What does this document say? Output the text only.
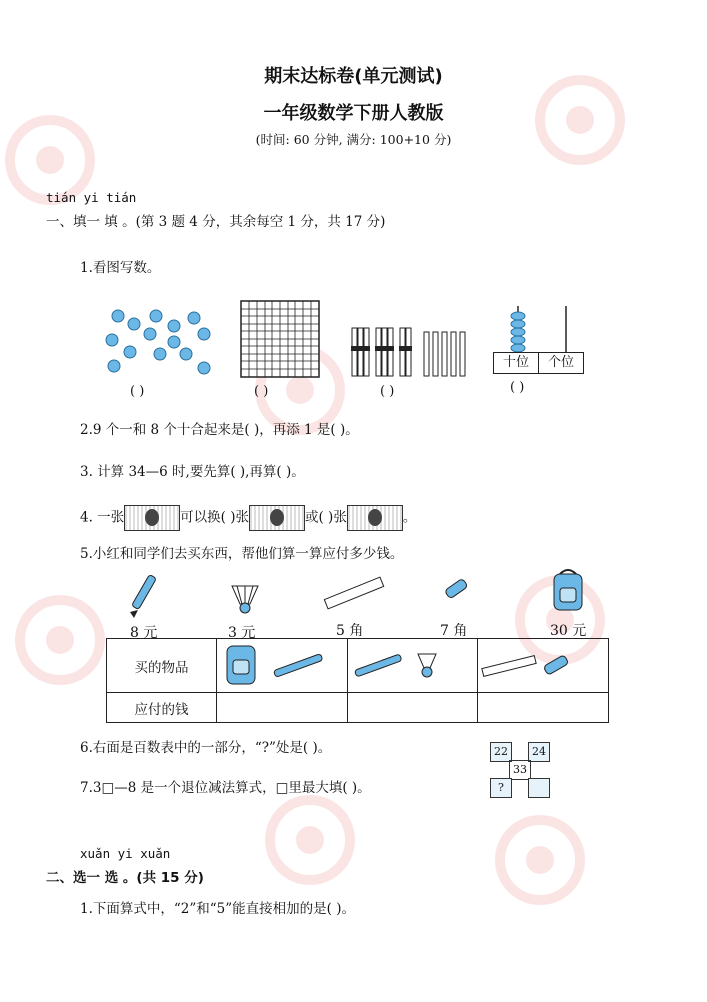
期末达标卷(单元测试)
一年级数学下册人教版
(时间: 60 分钟, 满分: 100+10 分)
tián yi tián
一、填一 填 。(第 3 题 4 分，其余每空 1 分，共 17 分)
1.看图写数。
( )	( )	( )
十位	个位
( )
2.9 个一和 8 个十合起来是( )，再添 1 是( )。
3. 计算 34—6 时,要先算( ),再算( )。
4. 一张	可以换( )张	或( )张	。
5.小红和同学们去买东西，帮他们算一算应付多少钱。
8 元	3 元	5 角	7 角	30 元
买的物品			
应付的钱			
6.右面是百数表中的一部分，“?”处是( )。
7.3□—8 是一个退位减法算式，□里最大填( )。
22	24
33
?
xuǎn yi xuǎn
二、选一 选 。(共 15 分)
1.下面算式中，“2”和“5”能直接相加的是( )。
